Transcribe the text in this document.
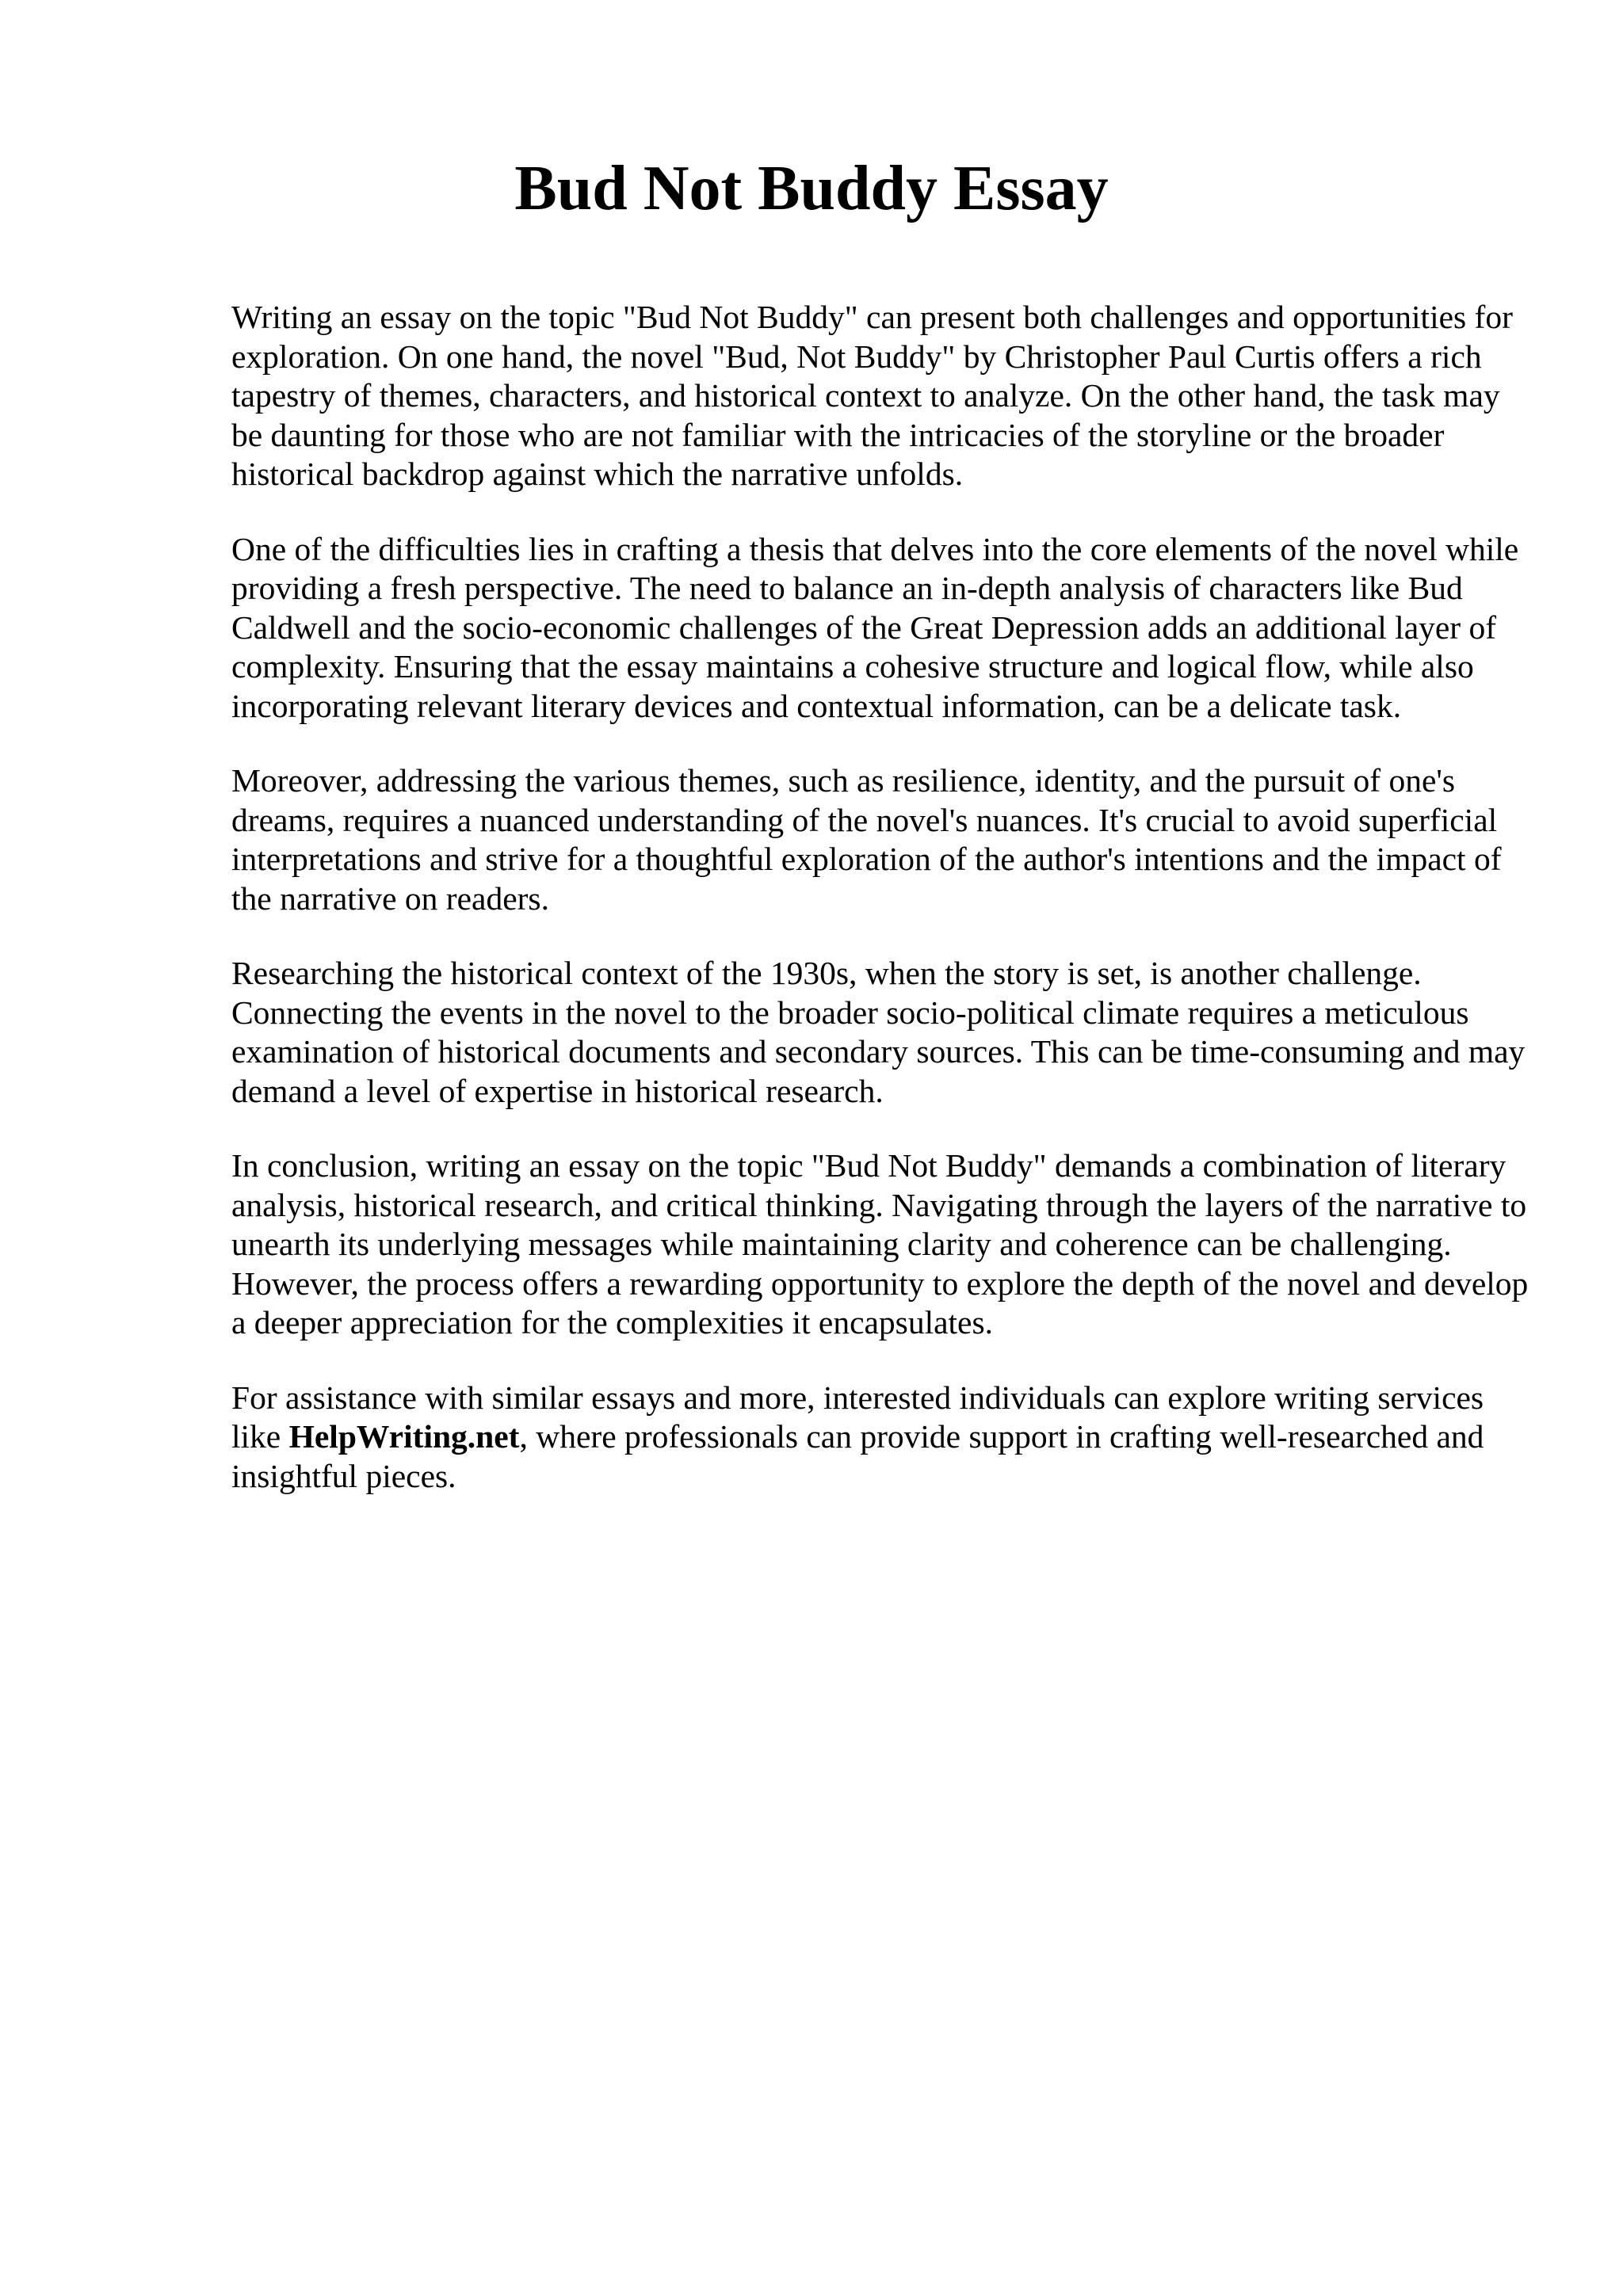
Bud Not Buddy Essay

Writing an essay on the topic "Bud Not Buddy" can present both challenges and opportunities for exploration. On one hand, the novel "Bud, Not Buddy" by Christopher Paul Curtis offers a rich tapestry of themes, characters, and historical context to analyze. On the other hand, the task may be daunting for those who are not familiar with the intricacies of the storyline or the broader historical backdrop against which the narrative unfolds.

One of the difficulties lies in crafting a thesis that delves into the core elements of the novel while providing a fresh perspective. The need to balance an in-depth analysis of characters like Bud Caldwell and the socio-economic challenges of the Great Depression adds an additional layer of complexity. Ensuring that the essay maintains a cohesive structure and logical flow, while also incorporating relevant literary devices and contextual information, can be a delicate task.

Moreover, addressing the various themes, such as resilience, identity, and the pursuit of one's dreams, requires a nuanced understanding of the novel's nuances. It's crucial to avoid superficial interpretations and strive for a thoughtful exploration of the author's intentions and the impact of the narrative on readers.

Researching the historical context of the 1930s, when the story is set, is another challenge. Connecting the events in the novel to the broader socio-political climate requires a meticulous examination of historical documents and secondary sources. This can be time-consuming and may demand a level of expertise in historical research.

In conclusion, writing an essay on the topic "Bud Not Buddy" demands a combination of literary analysis, historical research, and critical thinking. Navigating through the layers of the narrative to unearth its underlying messages while maintaining clarity and coherence can be challenging. However, the process offers a rewarding opportunity to explore the depth of the novel and develop a deeper appreciation for the complexities it encapsulates.

For assistance with similar essays and more, interested individuals can explore writing services like HelpWriting.net, where professionals can provide support in crafting well-researched and insightful pieces.
